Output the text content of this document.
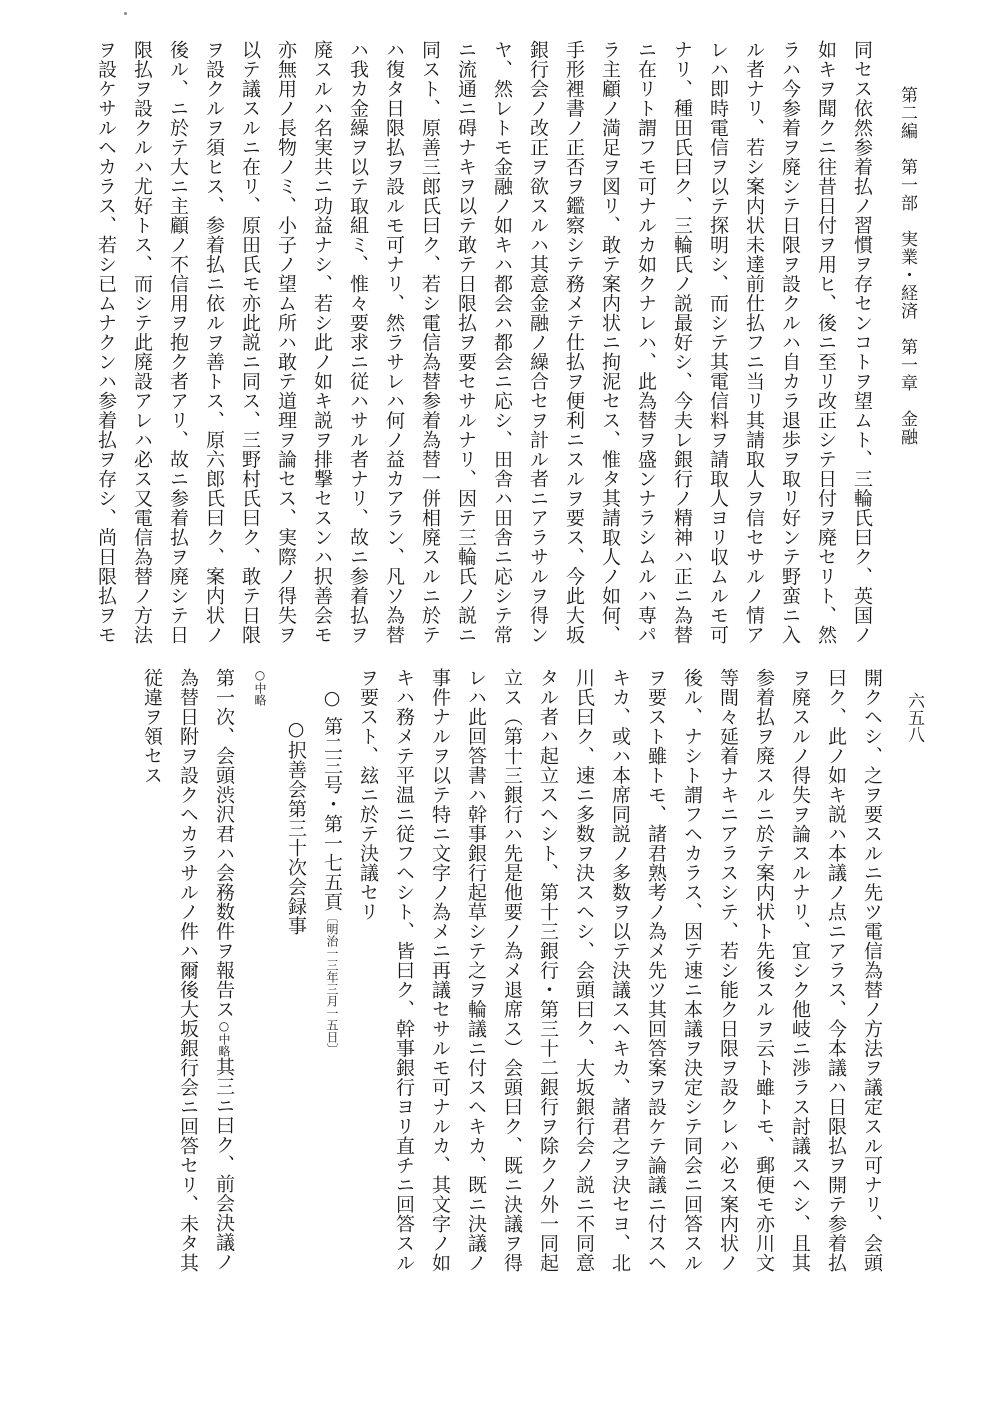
第二編　第一部　実業・経済　第一章　金融
六五八

同セス依然参着払ノ習慣ヲ存センコトヲ望ムト、三輪氏曰ク、英国ノ

如キヲ聞クニ往昔日付ヲ用ヒ、後ニ至リ改正シテ日付ヲ廃セリト、然

ラハ今参着ヲ廃シテ日限ヲ設クルハ自カラ退歩ヲ取リ好ンテ野蛮ニ入

ル者ナリ、若シ案内状未達前仕払フニ当リ其請取人ヲ信セサルノ情ア

レハ即時電信ヲ以テ探明シ、而シテ其電信料ヲ請取人ヨリ収ムルモ可

ナリ、種田氏曰ク、三輪氏ノ説最好シ、今夫レ銀行ノ精神ハ正ニ為替

ニ在リト謂フモ可ナルカ如クナレハ、此為替ヲ盛ンナラシムルハ専パ

ラ主顧ノ満足ヲ図リ、敢テ案内状ニ拘泥セス、惟タ其請取人ノ如何、

手形裡書ノ正否ヲ鑑察シテ務メテ仕払ヲ便利ニスルヲ要ス、今此大坂

銀行会ノ改正ヲ欲スルハ其意金融ノ繰合セヲ計ル者ニアラサルヲ得ン

ヤ、然レトモ金融ノ如キハ都会ハ都会ニ応シ、田舎ハ田舎ニ応シテ常

ニ流通ニ碍ナキヲ以テ敢テ日限払ヲ要セサルナリ、因テ三輪氏ノ説ニ

同スト、原善三郎氏曰ク、若シ電信為替参着為替一併相廃スルニ於テ

ハ復タ日限払ヲ設ルモ可ナリ、然ラサレハ何ノ益カアラン、凡ソ為替

ハ我カ金繰ヲ以テ取組ミ、惟々要求ニ従ハサル者ナリ、故ニ参着払ヲ

廃スルハ名実共ニ功益ナシ、若シ此ノ如キ説ヲ排撃セスンハ択善会モ

亦無用ノ長物ノミ、小子ノ望ム所ハ敢テ道理ヲ論セス、実際ノ得失ヲ

以テ議スルニ在リ、原田氏モ亦此説ニ同ス、三野村氏曰ク、敢テ日限

ヲ設クルヲ須ヒス、参着払ニ依ルヲ善トス、原六郎氏曰ク、案内状ノ

後ル、ニ於テ大ニ主顧ノ不信用ヲ抱ク者アリ、故ニ参着払ヲ廃シテ日

限払ヲ設クルハ尤好トス、而シテ此廃設アレハ必ス又電信為替ノ方法

ヲ設ケサルヘカラス、若シ已ムナクンハ参着払ヲ存シ、尚日限払ヲモ

開クヘシ、之ヲ要スルニ先ツ電信為替ノ方法ヲ議定スル可ナリ、会頭

曰ク、此ノ如キ説ハ本議ノ点ニアラス、今本議ハ日限払ヲ開テ参着払

ヲ廃スルノ得失ヲ論スルナリ、宜シク他岐ニ渉ラス討議スヘシ、且其

参着払ヲ廃スルニ於テ案内状ト先後スルヲ云ト雖トモ、郵便モ亦川文

等間々延着ナキニアラスシテ、若シ能ク日限ヲ設クレハ必ス案内状ノ

後ル、ナシト謂フヘカラス、因テ速ニ本議ヲ決定シテ同会ニ回答スル

ヲ要スト雖トモ、諸君熟考ノ為メ先ツ其回答案ヲ設ケテ論議ニ付スヘ

キカ、或ハ本席同説ノ多数ヲ以テ決議スヘキカ、諸君之ヲ決セヨ、北

川氏曰ク、速ニ多数ヲ決スヘシ、会頭曰ク、大坂銀行会ノ説ニ不同意

タル者ハ起立スヘシト、第十三銀行・第三十二銀行ヲ除クノ外一同起

立ス（第十三銀行ハ先是他要ノ為メ退席ス）会頭曰ク、既ニ決議ヲ得

レハ此回答書ハ幹事銀行起草シテ之ヲ輪議ニ付スヘキカ、既ニ決議ノ

事件ナルヲ以テ特ニ文字ノ為メニ再議セサルモ可ナルカ、其文字ノ如

キハ務メテ平温ニ従フヘシト、皆曰ク、幹事銀行ヨリ直チニ回答スル

ヲ要スト、玆ニ於テ決議セリ

○ 第二三号・第一七五頁〔明治一三年三月一五日〕

○択善会第三十次会録事

○中略

第一次、会頭渋沢君ハ会務数件ヲ報告ス○中略其三ニ曰ク、前会決議ノ

為替日附ヲ設クヘカラサルノ件ハ爾後大坂銀行会ニ回答セリ、未タ其

従違ヲ領セス
